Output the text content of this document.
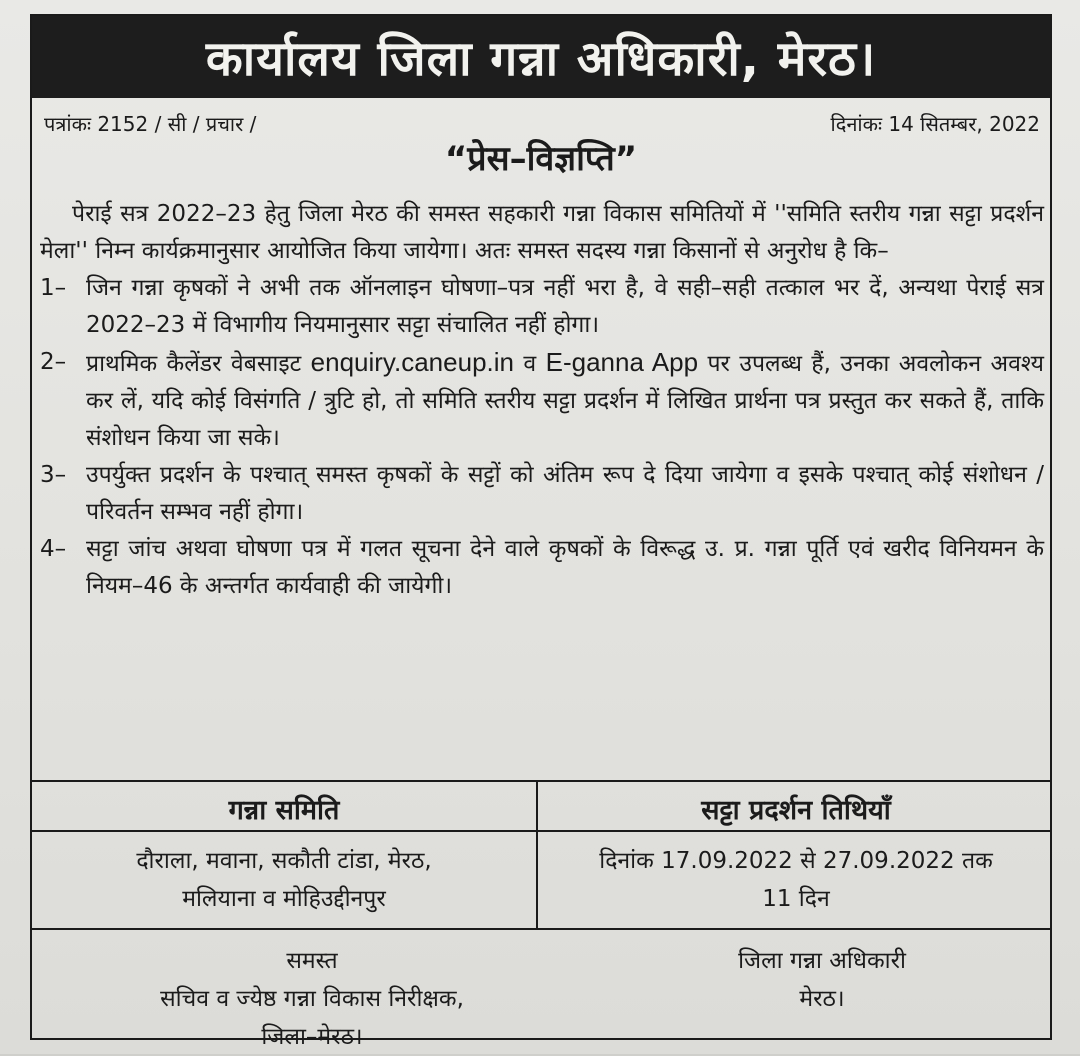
कार्यालय जिला गन्ना अधिकारी, मेरठ।
पत्रांकः 2152 / सी / प्रचार /	दिनांकः 14 सितम्बर, 2022
“प्रेस–विज्ञप्ति”

पेराई सत्र 2022–23 हेतु जिला मेरठ की समस्त सहकारी गन्ना विकास समितियों में ''समिति स्तरीय गन्ना सट्टा प्रदर्शन मेला'' निम्न कार्यक्रमानुसार आयोजित किया जायेगा। अतः समस्त सदस्य गन्ना किसानों से अनुरोध है कि–

1– जिन गन्ना कृषकों ने अभी तक ऑनलाइन घोषणा–पत्र नहीं भरा है, वे सही–सही तत्काल भर दें, अन्यथा पेराई सत्र 2022–23 में विभागीय नियमानुसार सट्टा संचालित नहीं होगा।
2– प्राथमिक कैलेंडर वेबसाइट enquiry.caneup.in व E-ganna App पर उपलब्ध हैं, उनका अवलोकन अवश्य कर लें, यदि कोई विसंगति / त्रुटि हो, तो समिति स्तरीय सट्टा प्रदर्शन में लिखित प्रार्थना पत्र प्रस्तुत कर सकते हैं, ताकि संशोधन किया जा सके।
3– उपर्युक्त प्रदर्शन के पश्चात् समस्त कृषकों के सट्टों को अंतिम रूप दे दिया जायेगा व इसके पश्चात् कोई संशोधन / परिवर्तन सम्भव नहीं होगा।
4– सट्टा जांच अथवा घोषणा पत्र में गलत सूचना देने वाले कृषकों के विरूद्ध उ. प्र. गन्ना पूर्ति एवं खरीद विनियमन के नियम–46 के अन्तर्गत कार्यवाही की जायेगी।
गन्ना समिति	सट्टा प्रदर्शन तिथियाँ
दौराला, मवाना, सकौती टांडा, मेरठ,
मलियाना व मोहिउद्दीनपुर
दिनांक 17.09.2022 से 27.09.2022 तक
11 दिन
समस्त
सचिव व ज्येष्ठ गन्ना विकास निरीक्षक,
जिला–मेरठ।
जिला गन्ना अधिकारी
मेरठ।
